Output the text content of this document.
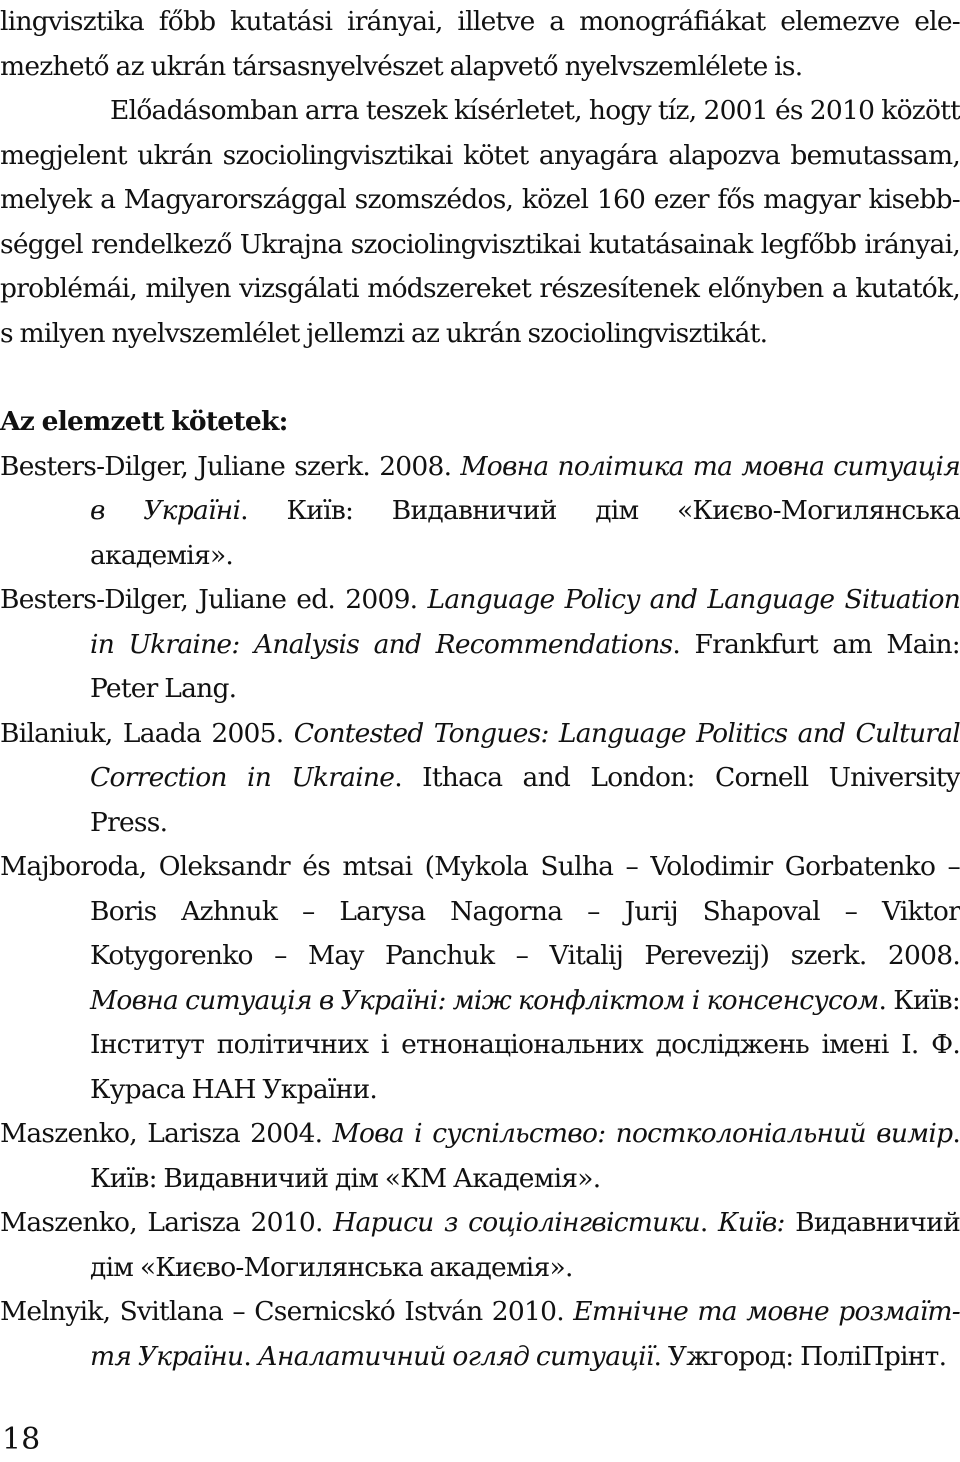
lingvisztika főbb kutatási irányai, illetve a monográfiákat elemezve ele-
mezhető az ukrán társasnyelvészet alapvető nyelvszemlélete is.
Előadásomban arra teszek kísérletet, hogy tíz, 2001 és 2010 között
megjelent ukrán szociolingvisztikai kötet anyagára alapozva bemutassam,
melyek a Magyarországgal szomszédos, közel 160 ezer fős magyar kisebb-
séggel rendelkező Ukrajna szociolingvisztikai kutatásainak legfőbb irányai,
problémái, milyen vizsgálati módszereket részesítenek előnyben a kutatók,
s milyen nyelvszemlélet jellemzi az ukrán szociolingvisztikát.
Az elemzett kötetek:
Besters-Dilger, Juliane szerk. 2008. Мовна політика та мовна ситуація
в Україні. Київ: Видавничий дім «Києво-Могилянська
академія».
Besters-Dilger, Juliane ed. 2009. Language Policy and Language Situation
in Ukraine: Analysis and Recommendations. Frankfurt am Main:
Peter Lang.
Bilaniuk, Laada 2005. Contested Tongues: Language Politics and Cultural
Correction in Ukraine. Ithaca and London: Cornell University
Press.
Majboroda, Oleksandr és mtsai (Mykola Sulha – Volodimir Gorbatenko –
Boris Azhnuk – Larysa Nagorna – Jurij Shapoval – Viktor
Kotygorenko – May Panchuk – Vitalij Perevezij) szerk. 2008.
Мовна ситуація в Україні: між конфліктом і консенсусом. Київ:
Інститут політичних і етнонаціональних досліджень імені І. Ф.
Кураса НАН України.
Maszenko, Larisza 2004. Мова і суспільство: постколоніальний вимір.
Київ: Видавничий дім «КМ Академія».
Maszenko, Larisza 2010. Нариси з соціолінгвістики. Київ: Видавничий
дім «Києво-Могилянська академія».
Melnyik, Svitlana – Csernicskó István 2010. Етнічне та мовне розмаїт-
тя України. Аналатичний огляд ситуації. Ужгород: ПоліПрінт.
18
